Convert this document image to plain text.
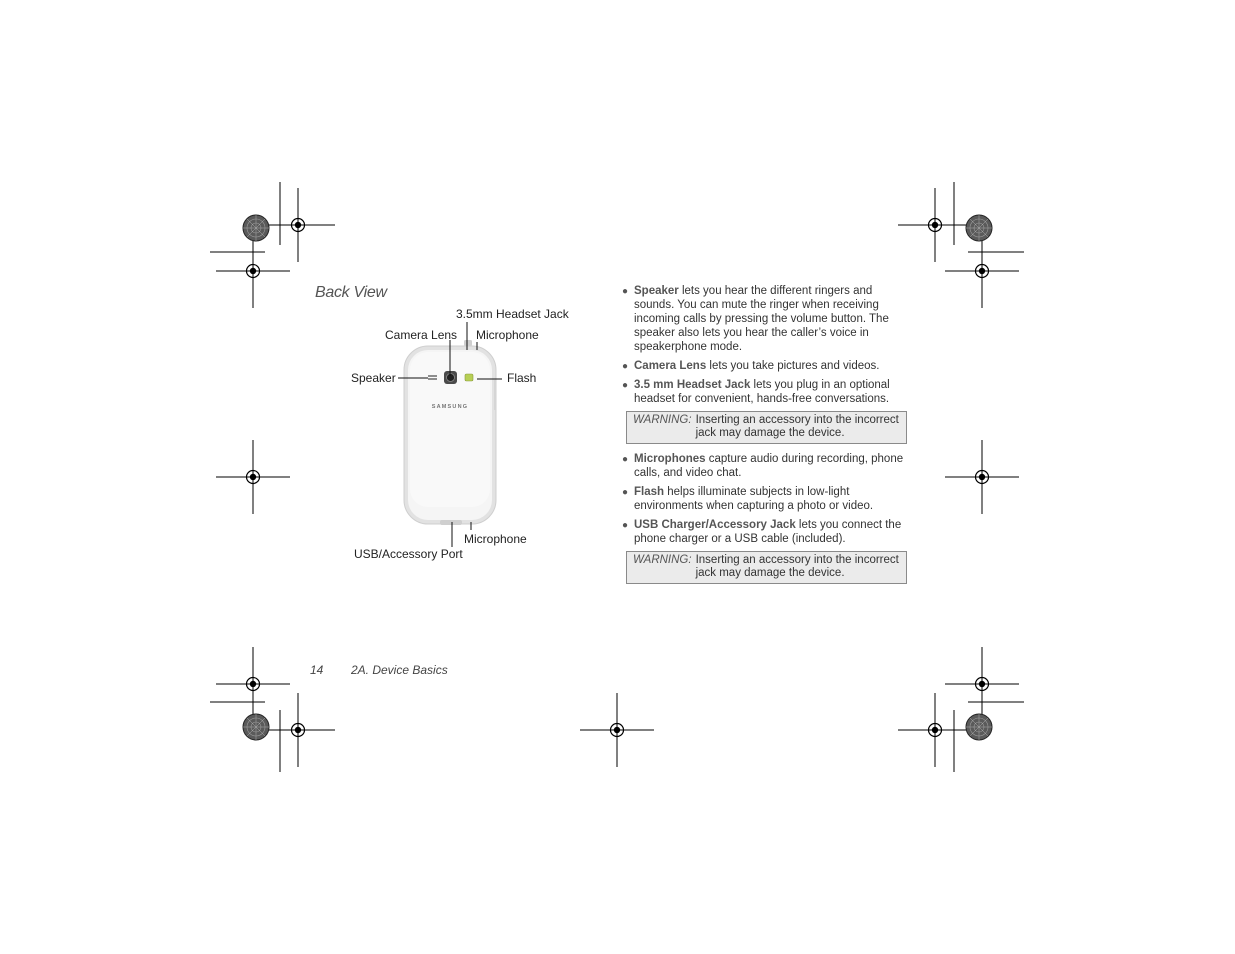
Back View
SAMSUNG
3.5mm Headset Jack
Camera Lens Microphone
Speaker	Flash
Microphone
USB/Accessory Port
● Speaker lets you hear the different ringers and sounds. You can mute the ringer when receiving incoming calls by pressing the volume button. The speaker also lets you hear the caller’s voice in speakerphone mode.
● Camera Lens lets you take pictures and videos.
● 3.5 mm Headset Jack lets you plug in an optional headset for convenient, hands-free conversations.
WARNING: Inserting an accessory into the incorrect jack may damage the device.
● Microphones capture audio during recording, phone calls, and video chat.
● Flash helps illuminate subjects in low-light environments when capturing a photo or video.
● USB Charger/Accessory Jack lets you connect the phone charger or a USB cable (included).
WARNING: Inserting an accessory into the incorrect jack may damage the device.
14 2A. Device Basics
